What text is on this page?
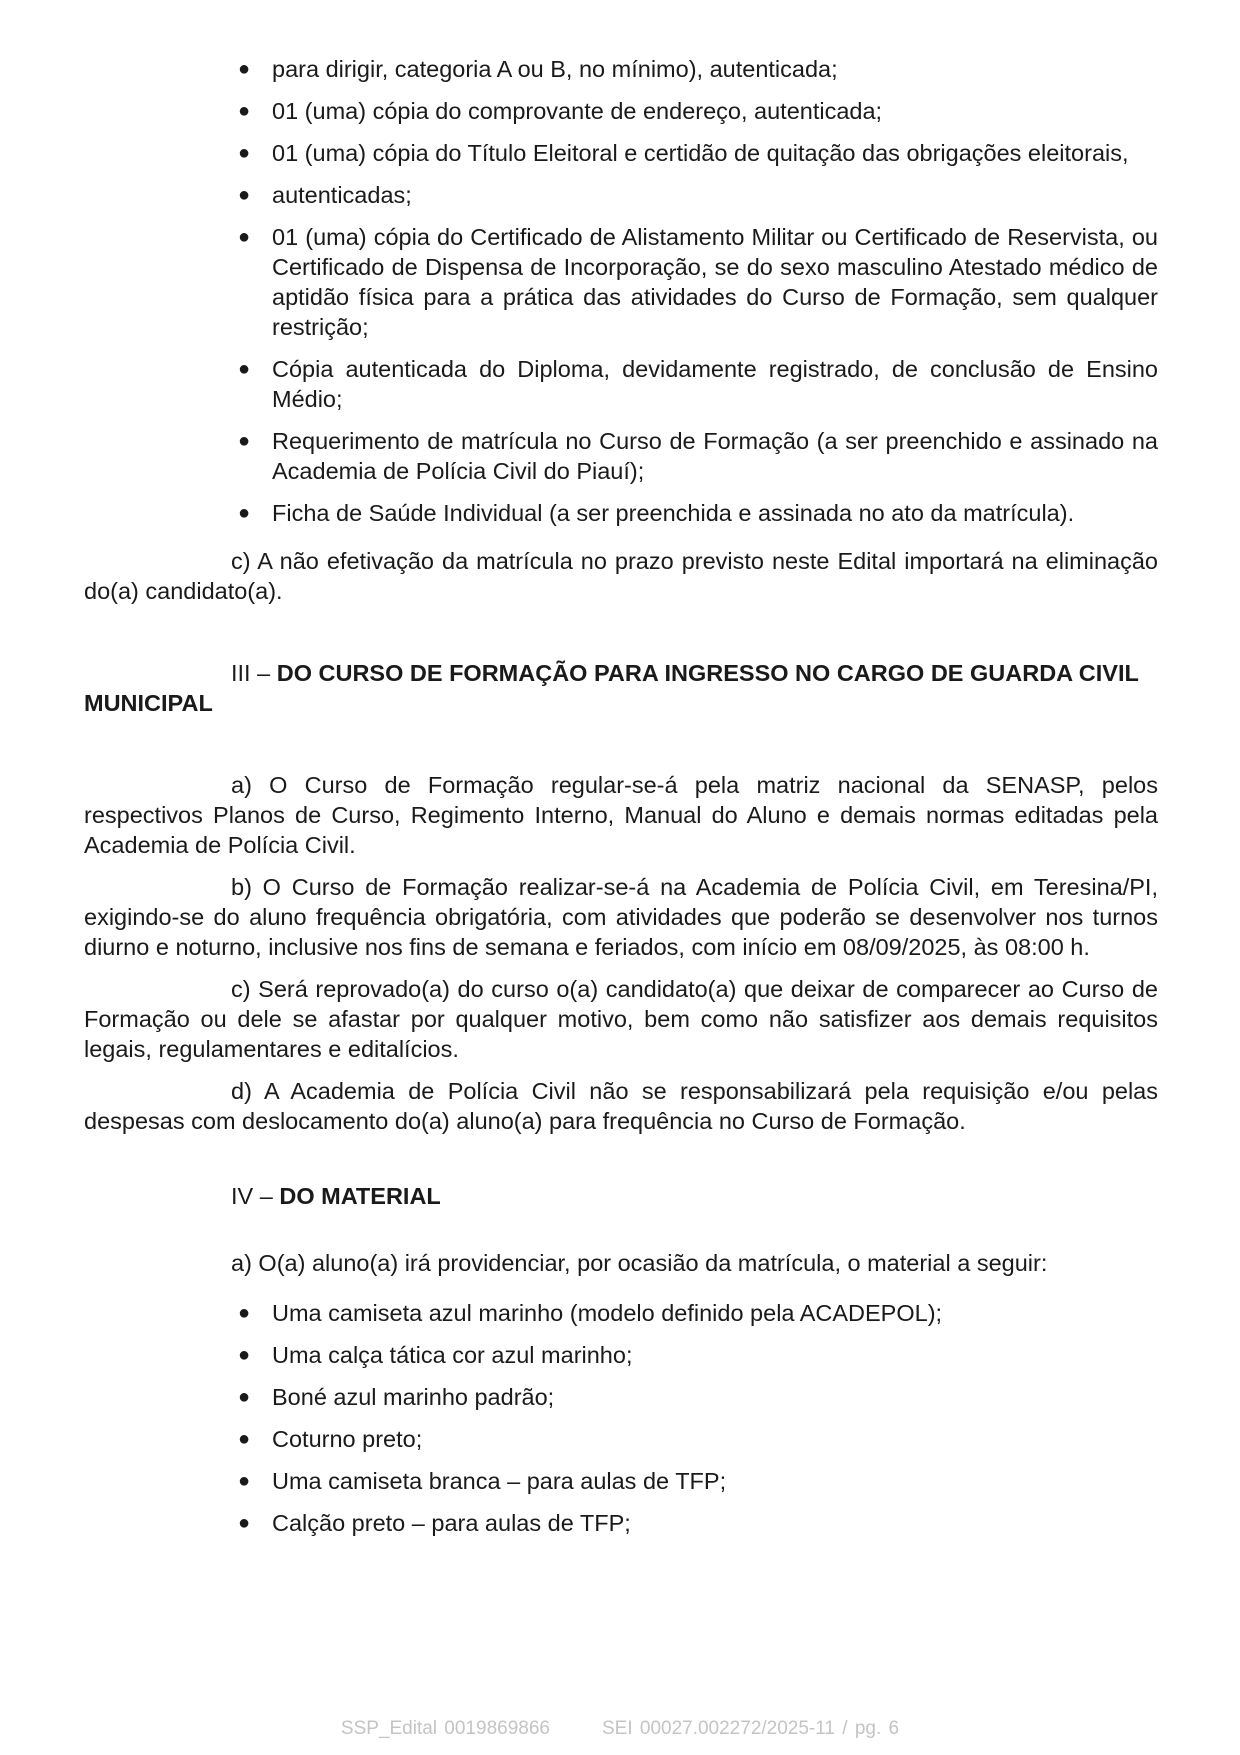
● para dirigir, categoria A ou B, no mínimo), autenticada;
● 01 (uma) cópia do comprovante de endereço, autenticada;
● 01 (uma) cópia do Título Eleitoral e certidão de quitação das obrigações eleitorais,
● autenticadas;
● 01 (uma) cópia do Certificado de Alistamento Militar ou Certificado de Reservista, ou Certificado de Dispensa de Incorporação, se do sexo masculino Atestado médico de aptidão física para a prática das atividades do Curso de Formação, sem qualquer restrição;
● Cópia autenticada do Diploma, devidamente registrado, de conclusão de Ensino Médio;
● Requerimento de matrícula no Curso de Formação (a ser preenchido e assinado na Academia de Polícia Civil do Piauí);
● Ficha de Saúde Individual (a ser preenchida e assinada no ato da matrícula).

c) A não efetivação da matrícula no prazo previsto neste Edital importará na eliminação do(a) candidato(a).

III – DO CURSO DE FORMAÇÃO PARA INGRESSO NO CARGO DE GUARDA CIVIL MUNICIPAL

a) O Curso de Formação regular-se-á pela matriz nacional da SENASP, pelos respectivos Planos de Curso, Regimento Interno, Manual do Aluno e demais normas editadas pela Academia de Polícia Civil.

b) O Curso de Formação realizar-se-á na Academia de Polícia Civil, em Teresina/PI, exigindo-se do aluno frequência obrigatória, com atividades que poderão se desenvolver nos turnos diurno e noturno, inclusive nos fins de semana e feriados, com início em 08/09/2025, às 08:00 h.

c) Será reprovado(a) do curso o(a) candidato(a) que deixar de comparecer ao Curso de Formação ou dele se afastar por qualquer motivo, bem como não satisfizer aos demais requisitos legais, regulamentares e editalícios.

d) A Academia de Polícia Civil não se responsabilizará pela requisição e/ou pelas despesas com deslocamento do(a) aluno(a) para frequência no Curso de Formação.

IV – DO MATERIAL

a) O(a) aluno(a) irá providenciar, por ocasião da matrícula, o material a seguir:

● Uma camiseta azul marinho (modelo definido pela ACADEPOL);
● Uma calça tática cor azul marinho;
● Boné azul marinho padrão;
● Coturno preto;
● Uma camiseta branca – para aulas de TFP;
● Calção preto – para aulas de TFP;
SSP_Edital 0019869866	SEI 00027.002272/2025-11 / pg. 6
